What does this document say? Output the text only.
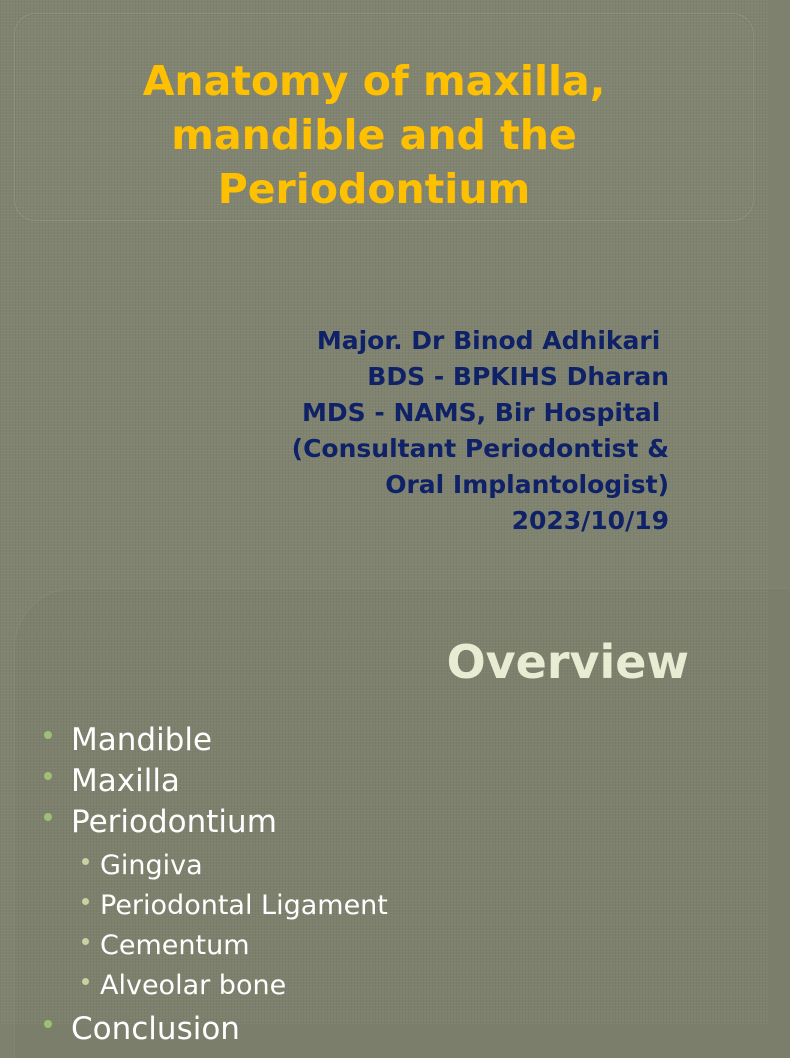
Anatomy of maxilla,
mandible and the
Periodontium
Major. Dr Binod Adhikari
BDS - BPKIHS Dharan
MDS - NAMS, Bir Hospital
(Consultant Periodontist &
Oral Implantologist)
2023/10/19
Overview
Mandible
Maxilla
Periodontium
Gingiva
Periodontal Ligament
Cementum
Alveolar bone
Conclusion
